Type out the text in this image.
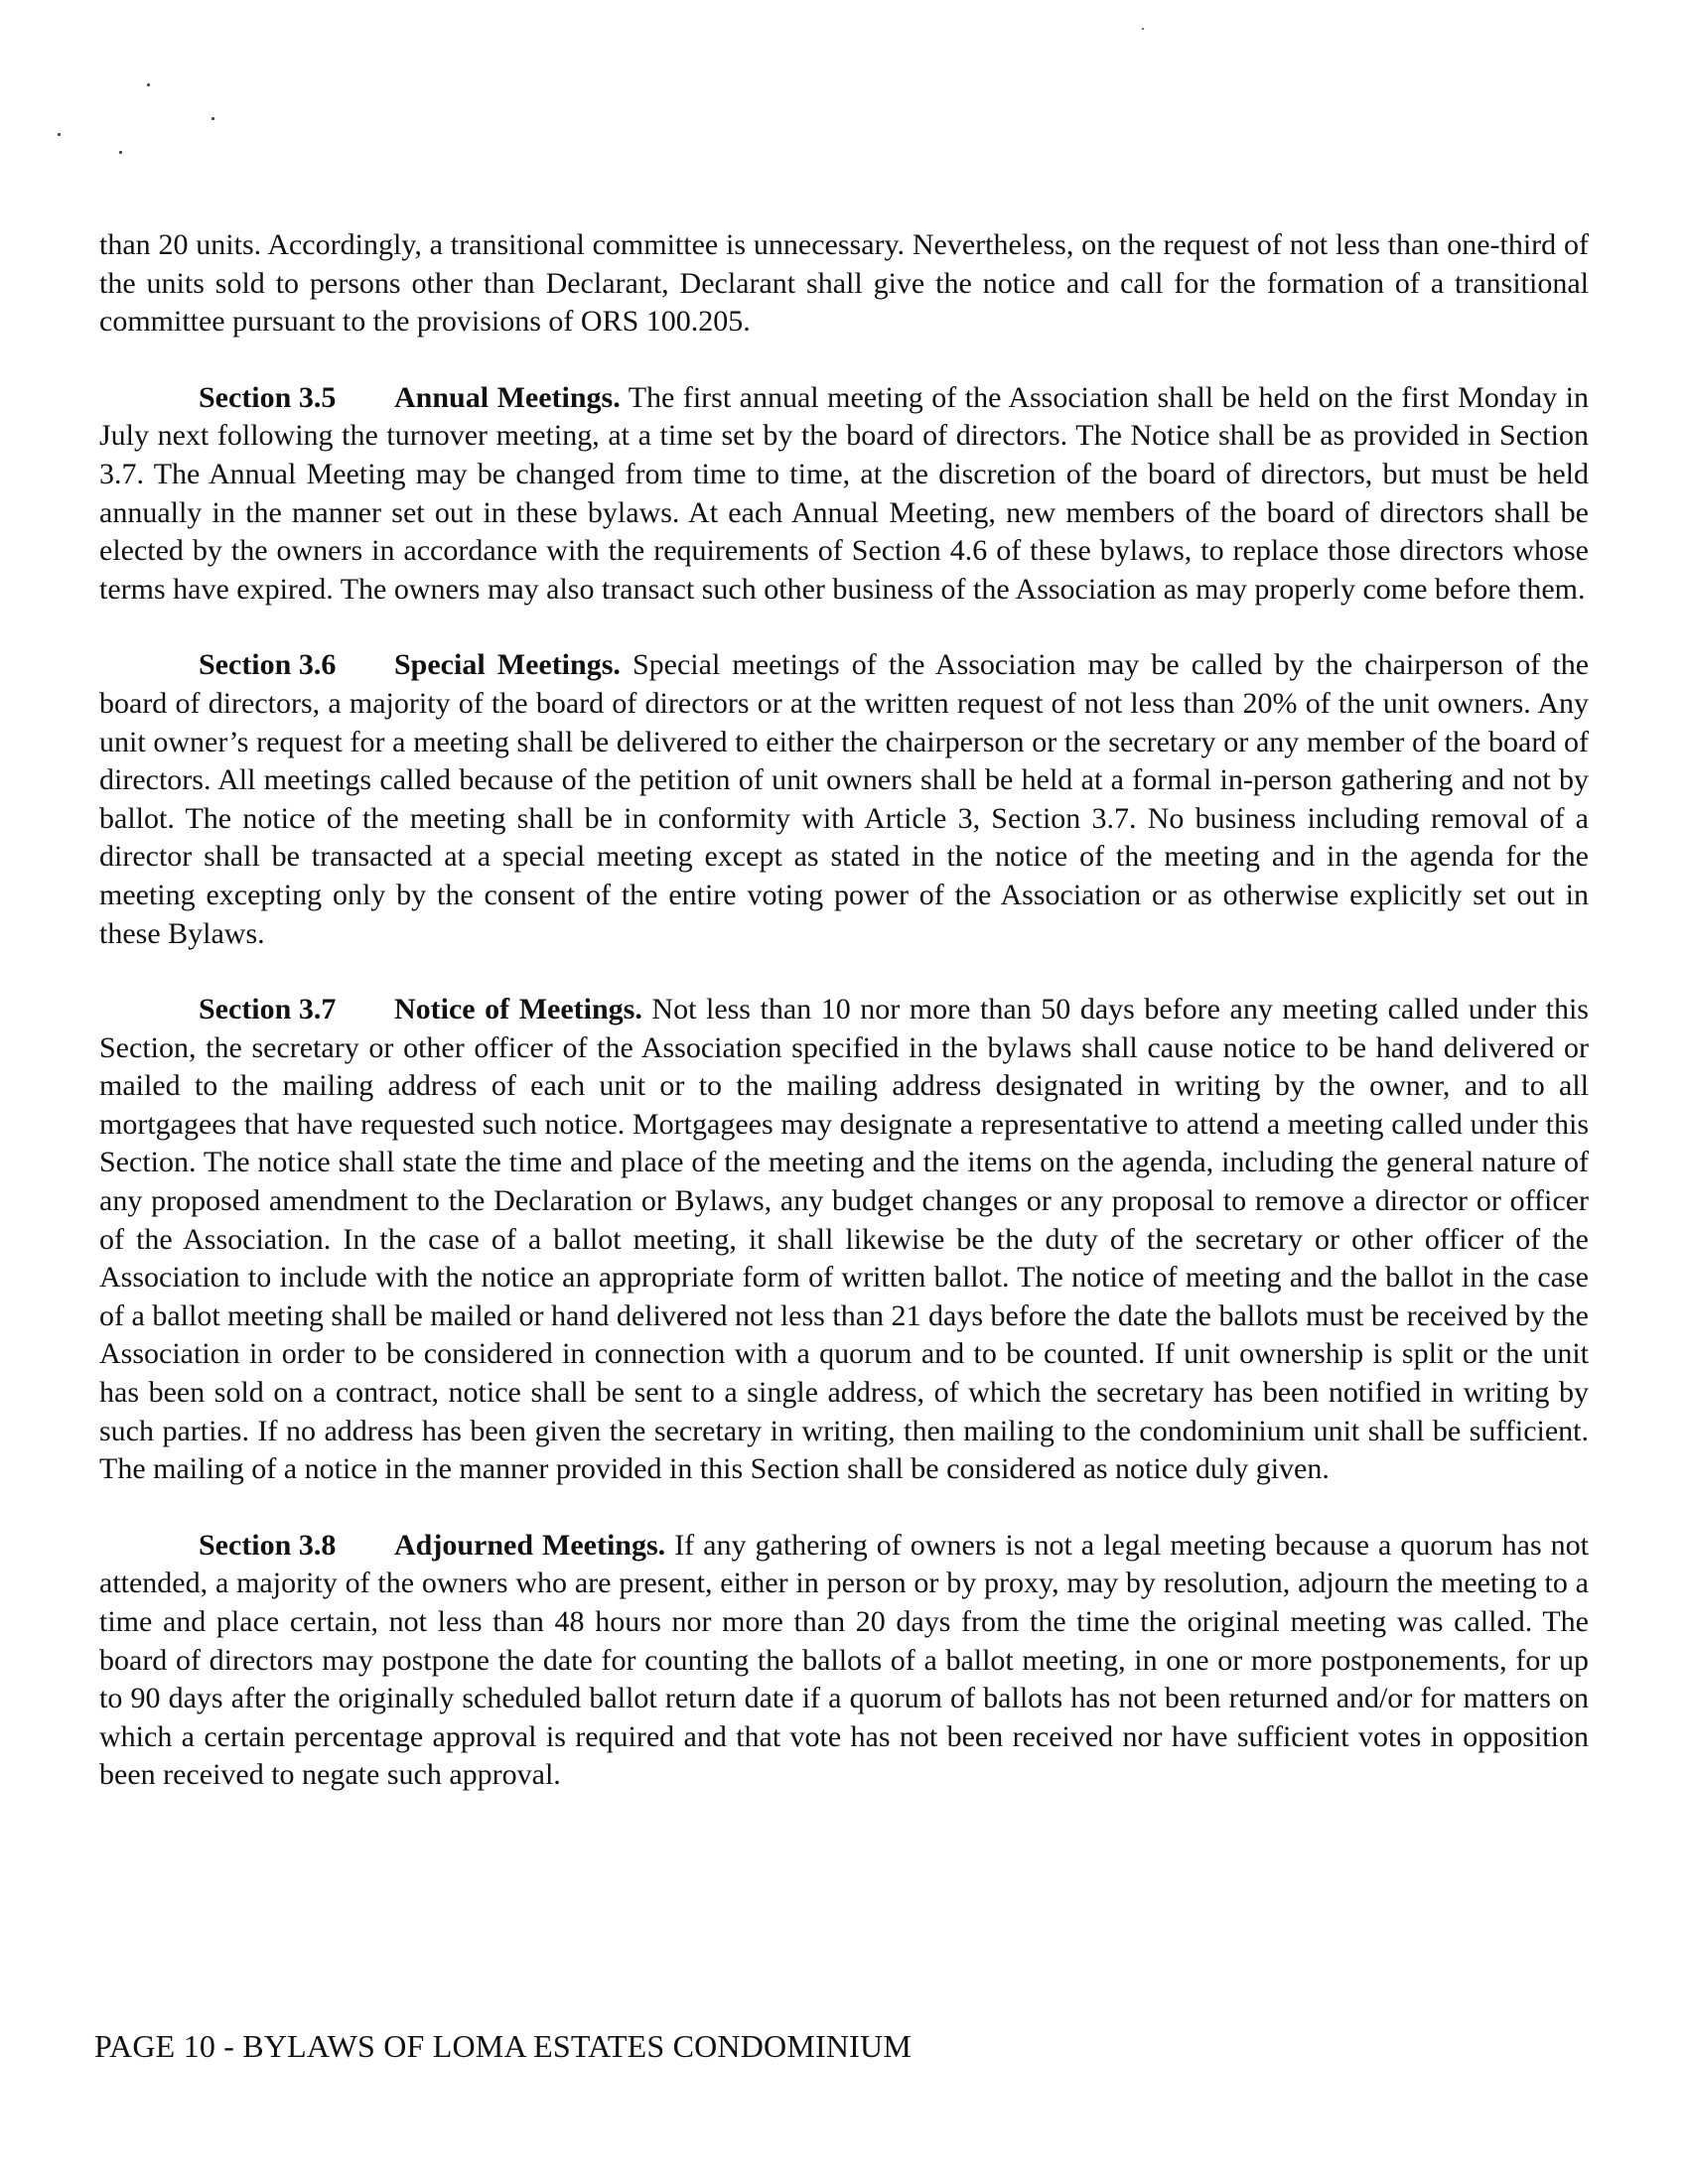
than 20 units. Accordingly, a transitional committee is unnecessary. Nevertheless, on the request of not less than one-third of the units sold to persons other than Declarant, Declarant shall give the notice and call for the formation of a transitional committee pursuant to the provisions of ORS 100.205.

Section 3.5 Annual Meetings. The first annual meeting of the Association shall be held on the first Monday in July next following the turnover meeting, at a time set by the board of directors. The Notice shall be as provided in Section 3.7. The Annual Meeting may be changed from time to time, at the discretion of the board of directors, but must be held annually in the manner set out in these bylaws. At each Annual Meeting, new members of the board of directors shall be elected by the owners in accordance with the requirements of Section 4.6 of these bylaws, to replace those directors whose terms have expired. The owners may also transact such other business of the Association as may properly come before them.

Section 3.6 Special Meetings. Special meetings of the Association may be called by the chairperson of the board of directors, a majority of the board of directors or at the written request of not less than 20% of the unit owners. Any unit owner’s request for a meeting shall be delivered to either the chairperson or the secretary or any member of the board of directors. All meetings called because of the petition of unit owners shall be held at a formal in-person gathering and not by ballot. The notice of the meeting shall be in conformity with Article 3, Section 3.7. No business including removal of a director shall be transacted at a special meeting except as stated in the notice of the meeting and in the agenda for the meeting excepting only by the consent of the entire voting power of the Association or as otherwise explicitly set out in these Bylaws.

Section 3.7 Notice of Meetings. Not less than 10 nor more than 50 days before any meeting called under this Section, the secretary or other officer of the Association specified in the bylaws shall cause notice to be hand delivered or mailed to the mailing address of each unit or to the mailing address designated in writing by the owner, and to all mortgagees that have requested such notice. Mortgagees may designate a representative to attend a meeting called under this Section. The notice shall state the time and place of the meeting and the items on the agenda, including the general nature of any proposed amendment to the Declaration or Bylaws, any budget changes or any proposal to remove a director or officer of the Association. In the case of a ballot meeting, it shall likewise be the duty of the secretary or other officer of the Association to include with the notice an appropriate form of written ballot. The notice of meeting and the ballot in the case of a ballot meeting shall be mailed or hand delivered not less than 21 days before the date the ballots must be received by the Association in order to be considered in connection with a quorum and to be counted. If unit ownership is split or the unit has been sold on a contract, notice shall be sent to a single address, of which the secretary has been notified in writing by such parties. If no address has been given the secretary in writing, then mailing to the condominium unit shall be sufficient. The mailing of a notice in the manner provided in this Section shall be considered as notice duly given.

Section 3.8 Adjourned Meetings. If any gathering of owners is not a legal meeting because a quorum has not attended, a majority of the owners who are present, either in person or by proxy, may by resolution, adjourn the meeting to a time and place certain, not less than 48 hours nor more than 20 days from the time the original meeting was called. The board of directors may postpone the date for counting the ballots of a ballot meeting, in one or more postponements, for up to 90 days after the originally scheduled ballot return date if a quorum of ballots has not been returned and/or for matters on which a certain percentage approval is required and that vote has not been received nor have sufficient votes in opposition been received to negate such approval.

PAGE 10 - BYLAWS OF LOMA ESTATES CONDOMINIUM
